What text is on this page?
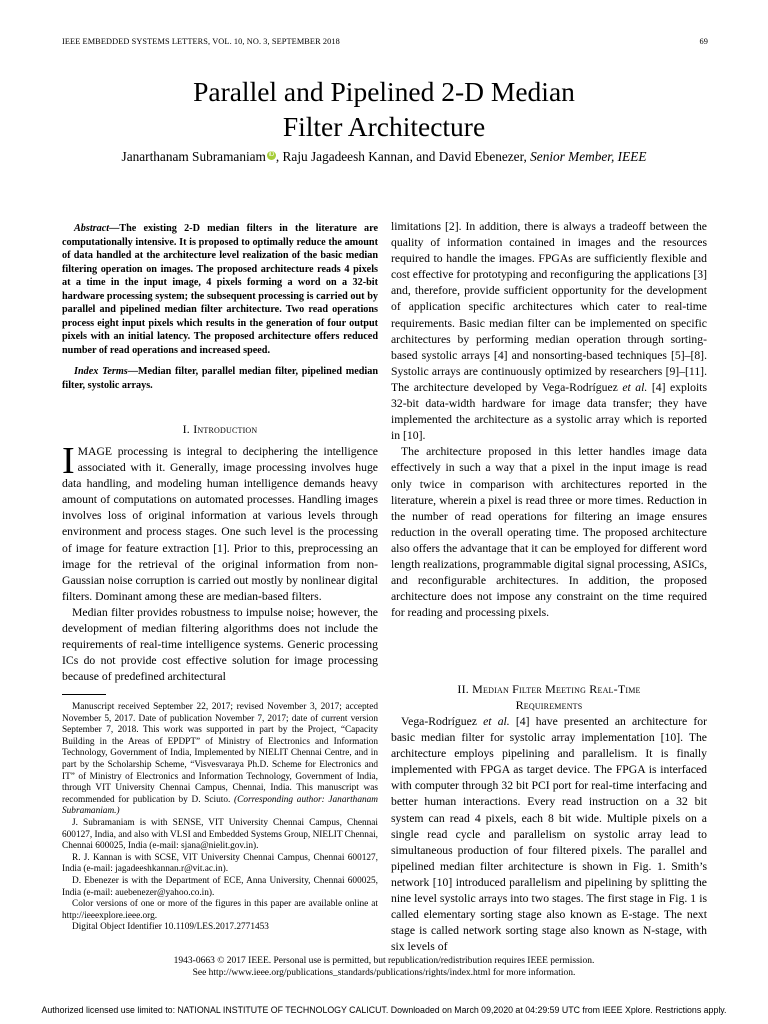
IEEE EMBEDDED SYSTEMS LETTERS, VOL. 10, NO. 3, SEPTEMBER 2018	69
Parallel and Pipelined 2-D Median
Filter Architecture
Janarthanam Subramaniam iD , Raju Jagadeesh Kannan, and David Ebenezer, Senior Member, IEEE

Abstract—The existing 2-D median filters in the literature are computationally intensive. It is proposed to optimally reduce the amount of data handled at the architecture level realization of the basic median filtering operation on images. The proposed architecture reads 4 pixels at a time in the input image, 4 pixels forming a word on a 32-bit hardware processing system; the subsequent processing is carried out by parallel and pipelined median filter architecture. Two read operations process eight input pixels which results in the generation of four output pixels with an initial latency. The proposed architecture offers reduced number of read operations and increased speed.

Index Terms—Median filter, parallel median filter, pipelined median filter, systolic arrays.

I. Introduction

IMAGE processing is integral to deciphering the intelligence associated with it. Generally, image processing involves huge data handling, and modeling human intelligence demands heavy amount of computations on automated processes. Handling images involves loss of original information at various levels through environment and process stages. One such level is the processing of image for feature extraction [1]. Prior to this, preprocessing an image for the retrieval of the original information from non-Gaussian noise corruption is carried out mostly by nonlinear digital filters. Dominant among these are median-based filters.

Median filter provides robustness to impulse noise; however, the development of median filtering algorithms does not include the requirements of real-time intelligence systems. Generic processing ICs do not provide cost effective solution for image processing because of predefined architectural

Manuscript received September 22, 2017; revised November 3, 2017; accepted November 5, 2017. Date of publication November 7, 2017; date of current version September 7, 2018. This work was supported in part by the Project, “Capacity Building in the Areas of EPDPT” of Ministry of Electronics and Information Technology, Government of India, Implemented by NIELIT Chennai Centre, and in part by the Scholarship Scheme, “Visvesvaraya Ph.D. Scheme for Electronics and IT” of Ministry of Electronics and Information Technology, Government of India, through VIT University Chennai Campus, Chennai, India. This manuscript was recommended for publication by D. Sciuto. (Corresponding author: Janarthanam Subramaniam.)

J. Subramaniam is with SENSE, VIT University Chennai Campus, Chennai 600127, India, and also with VLSI and Embedded Systems Group, NIELIT Chennai, Chennai 600025, India (e-mail: sjana@nielit.gov.in).

R. J. Kannan is with SCSE, VIT University Chennai Campus, Chennai 600127, India (e-mail: jagadeeshkannan.r@vit.ac.in).

D. Ebenezer is with the Department of ECE, Anna University, Chennai 600025, India (e-mail: auebenezer@yahoo.co.in).

Color versions of one or more of the figures in this paper are available online at http://ieeexplore.ieee.org.

Digital Object Identifier 10.1109/LES.2017.2771453

limitations [2]. In addition, there is always a tradeoff between the quality of information contained in images and the resources required to handle the images. FPGAs are sufficiently flexible and cost effective for prototyping and reconfiguring the applications [3] and, therefore, provide sufficient opportunity for the development of application specific architectures which cater to real-time requirements. Basic median filter can be implemented on specific architectures by performing median operation through sorting-based systolic arrays [4] and nonsorting-based techniques [5]–[8]. Systolic arrays are continuously optimized by researchers [9]–[11]. The architecture developed by Vega-Rodríguez et al. [4] exploits 32-bit data-width hardware for image data transfer; they have implemented the architecture as a systolic array which is reported in [10].

The architecture proposed in this letter handles image data effectively in such a way that a pixel in the input image is read only twice in comparison with architectures reported in the literature, wherein a pixel is read three or more times. Reduction in the number of read operations for filtering an image ensures reduction in the overall operating time. The proposed architecture also offers the advantage that it can be employed for different word length realizations, programmable digital signal processing, ASICs, and reconfigurable architectures. In addition, the proposed architecture does not impose any constraint on the time required for reading and processing pixels.

II. Median Filter Meeting Real-Time
Requirements

Vega-Rodríguez et al. [4] have presented an architecture for basic median filter for systolic array implementation [10]. The architecture employs pipelining and parallelism. It is finally implemented with FPGA as target device. The FPGA is interfaced with computer through 32 bit PCI port for real-time interfacing and better human interactions. Every read instruction on a 32 bit system can read 4 pixels, each 8 bit wide. Multiple pixels on a single read cycle and parallelism on systolic array lead to simultaneous production of four filtered pixels. The parallel and pipelined median filter architecture is shown in Fig. 1. Smith’s network [10] introduced parallelism and pipelining by splitting the nine level systolic arrays into two stages. The first stage in Fig. 1 is called elementary sorting stage also known as E-stage. The next stage is called network sorting stage also known as N-stage, with six levels of

1943-0663 © 2017 IEEE. Personal use is permitted, but republication/redistribution requires IEEE permission.
See http://www.ieee.org/publications_standards/publications/rights/index.html for more information.
Authorized licensed use limited to: NATIONAL INSTITUTE OF TECHNOLOGY CALICUT. Downloaded on March 09,2020 at 04:29:59 UTC from IEEE Xplore. Restrictions apply.
